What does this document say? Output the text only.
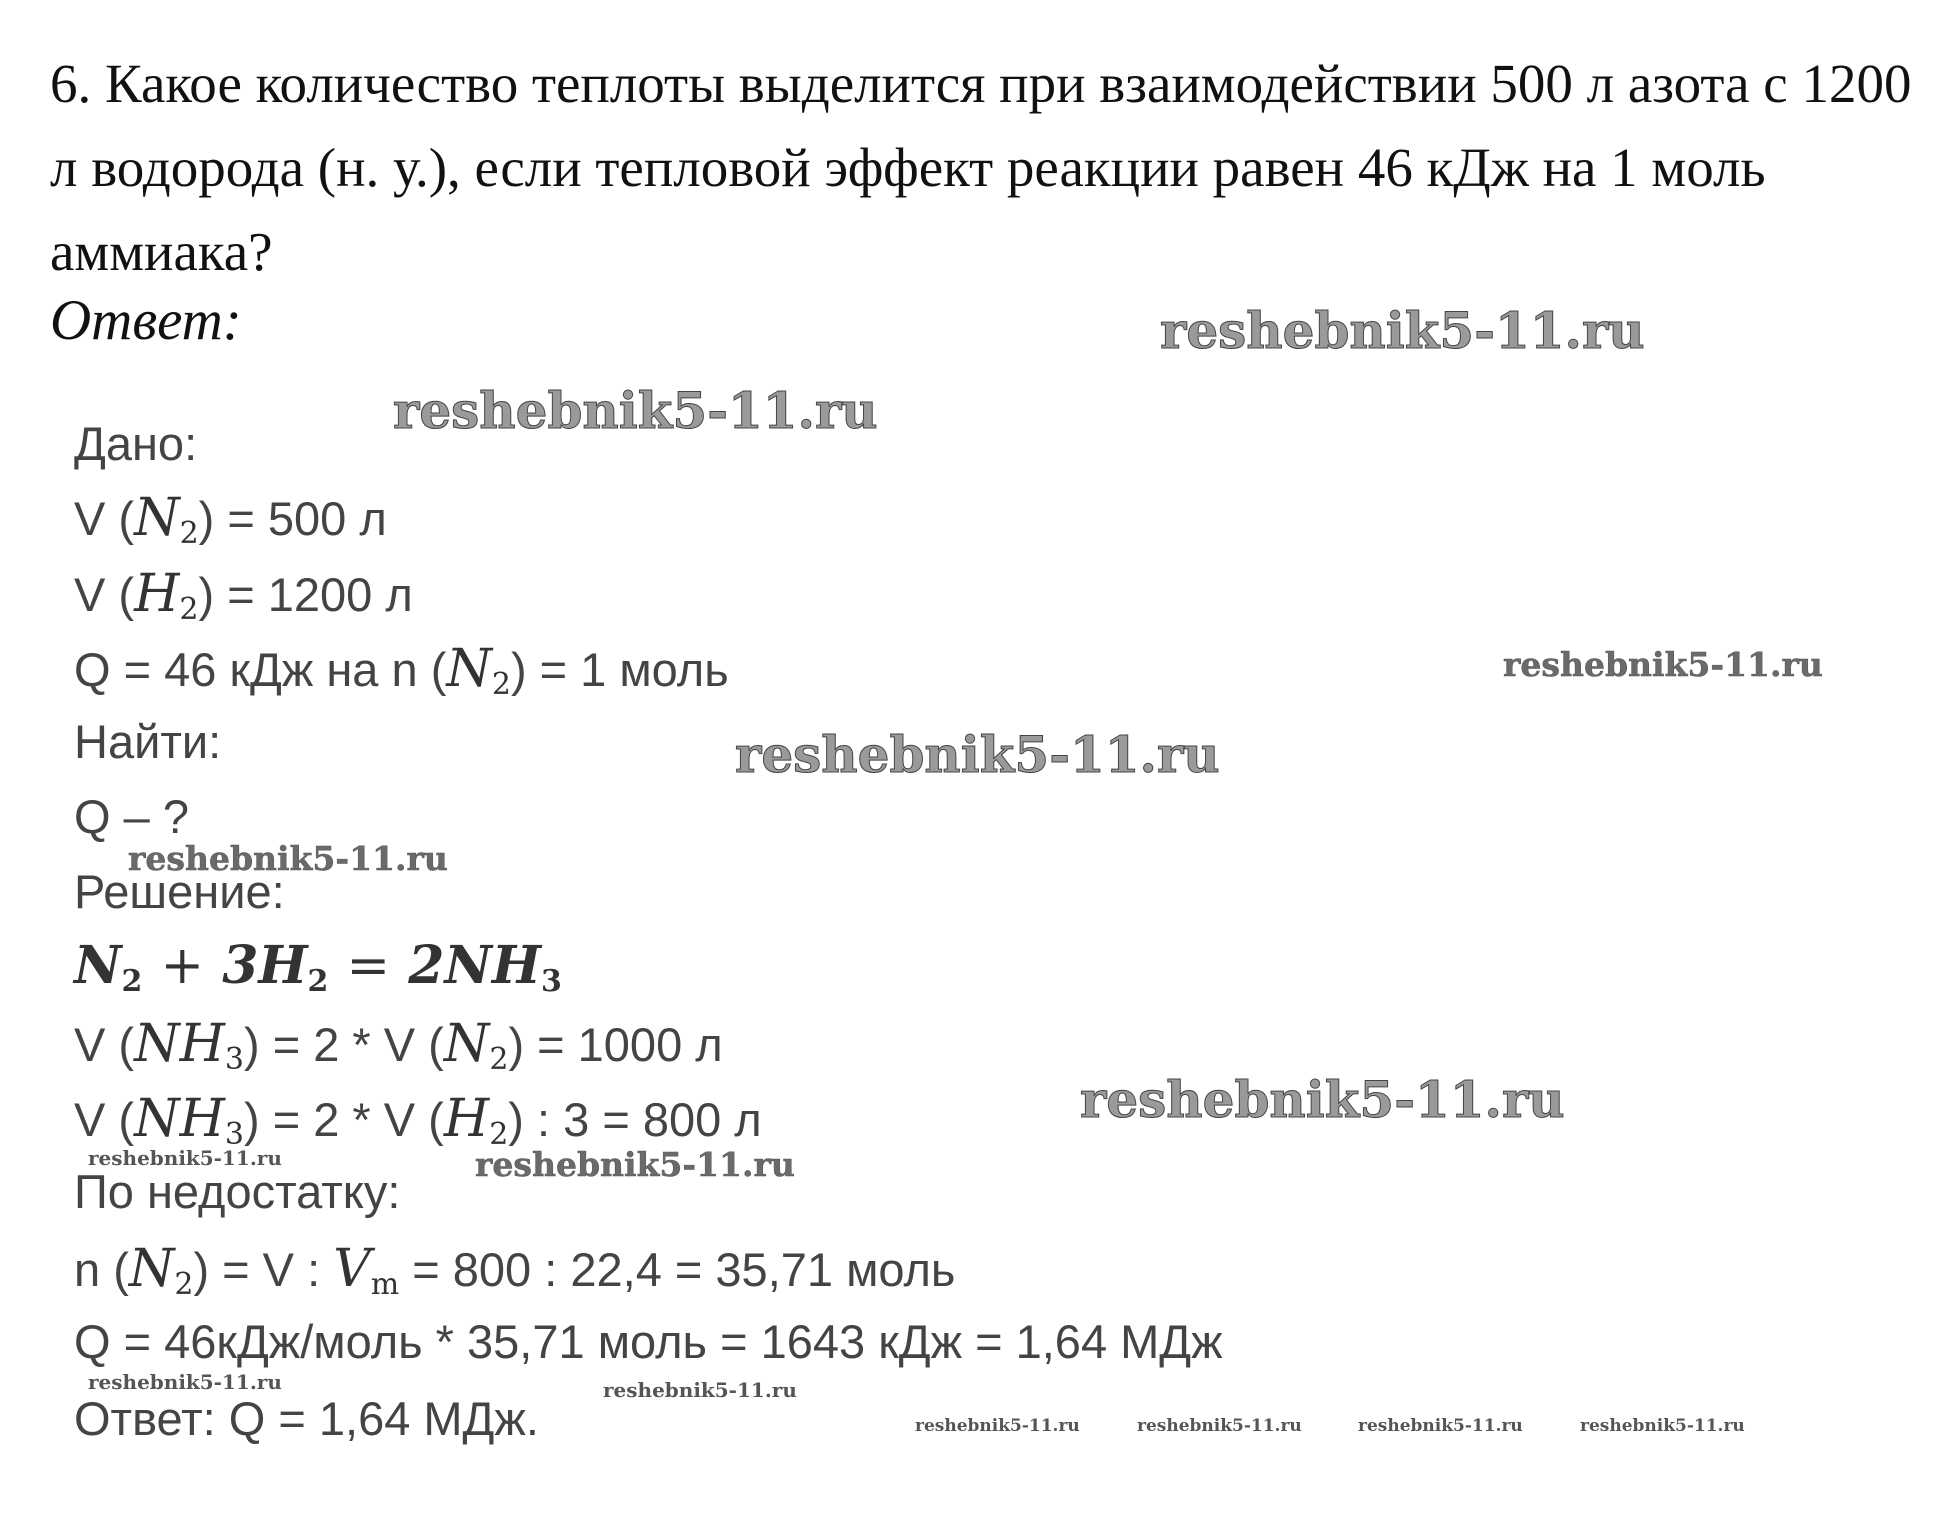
6. Какое количество теплоты выделится при взаимодействии 500 л азота с 1200 л водорода (н. у.), если тепловой эффект реакции равен 46 кДж на 1 моль аммиака?
Ответ:
Дано:
V $(N_2) = 500$ л
V $(H_2) = 1200$ л
Q = 46 кДж на n $(N_2) = 1$ моль
Найти:
Q – ?
Решение:
$N_2 + 3H_2 = 2NH_3$
V $(NH_3) = 2 * V$ $(N_2) = 1000$ л
V $(NH_3) = 2 * V$ $(H_2)$ : 3 = 800 л
По недостатку:
n $(N_2) = V$ : $V_m = 800$ : 22,4 = 35,71 моль
Q = 46кДж/моль * 35,71 моль = 1643 кДж = 1,64 МДж
Ответ: Q = 1,64 МДж.
reshebnik5-11.ru
reshebnik5-11.ru
reshebnik5-11.ru
reshebnik5-11.ru
reshebnik5-11.ru
reshebnik5-11.ru
reshebnik5-11.ru	reshebnik5-11.ru
reshebnik5-11.ru	reshebnik5-11.ru
reshebnik5-11.ru	reshebnik5-11.ru	reshebnik5-11.ru	reshebnik5-11.ru
